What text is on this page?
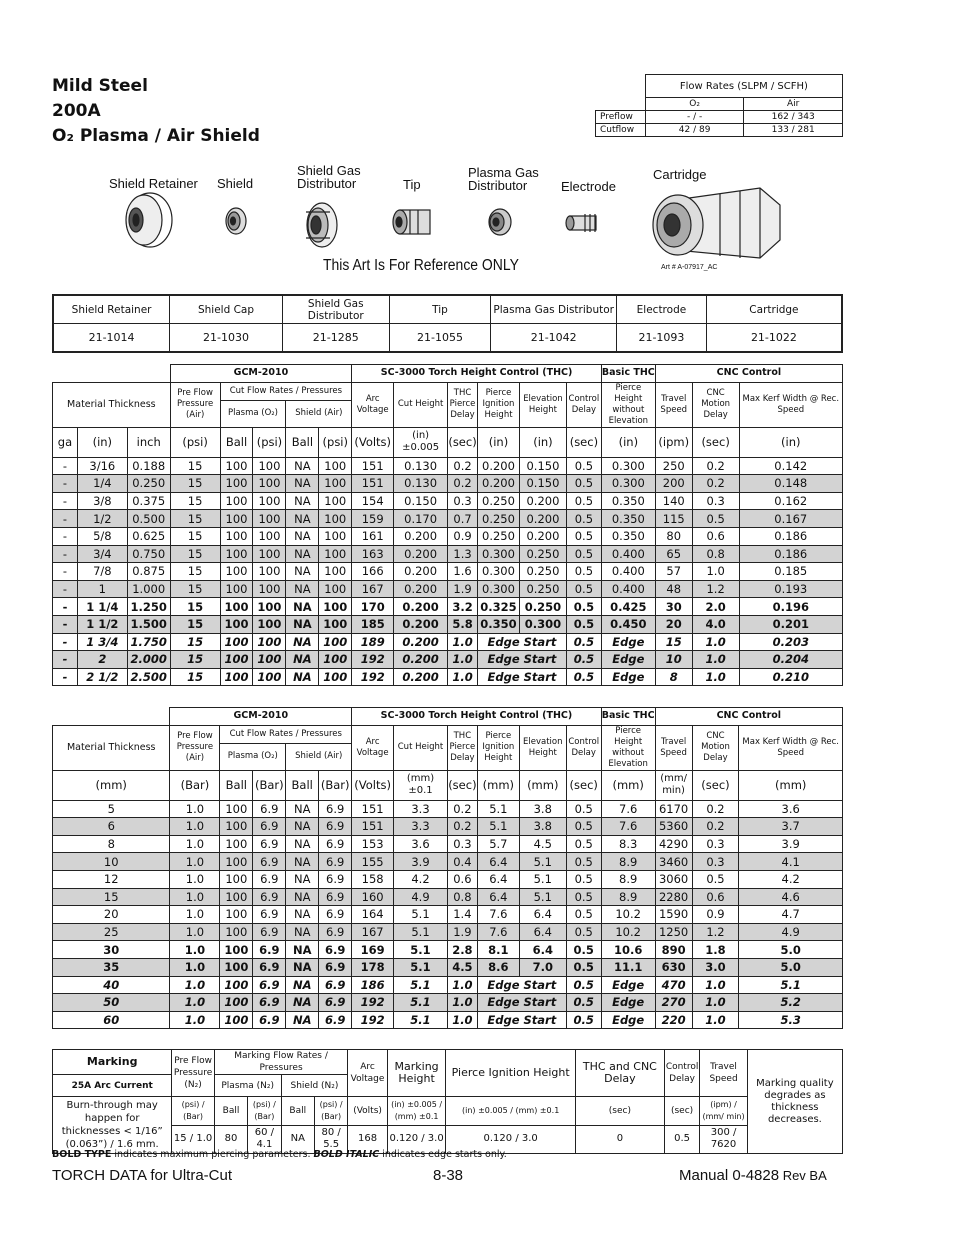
Mild Steel
200A
O₂ Plasma / Air Shield
	Flow Rates (SLPM / SCFH)	
	O₂	Air
Preflow	- / -	162 / 343
Cutflow	42 / 89	133 / 281
Shield Retainer Shield
Shield Gas
Distributor	Tip
Plasma Gas
Distributor	Electrode
Cartridge
This Art Is For Reference ONLY	Art # A-07917_AC
Shield Retainer	Shield Cap	Shield Gas Distributor	Tip	Plasma Gas Distributor	Electrode	Cartridge
21-1014	21-1030	21-1285	21-1055	21-1042	21-1093	21-1022
			GCM-2010					SC-3000 Torch Height Control (THC)						Basic THC	CNC Control		
Material Thickness			Pre Flow Pressure (Air)	Cut Flow Rates / Pressures				Arc Voltage	Cut Height	THC Pierce Delay	Pierce Ignition Height	Elevation Height	Control Delay	Pierce Height without Elevation	Travel Speed	CNC Motion Delay	Max Kerf Width @ Rec. Speed
				Plasma (O₂)		Shield (Air)											
ga	(in)	inch	(psi)	Ball	(psi)	Ball	(psi)	(Volts)	(in) ±0.005	(sec)	(in)	(in)	(sec)	(in)	(ipm)	(sec)	(in)
-	3/16	0.188	15	100	100	NA	100	151	0.130	0.2	0.200	0.150	0.5	0.300	250	0.2	0.142
-	1/4	0.250	15	100	100	NA	100	151	0.130	0.2	0.200	0.150	0.5	0.300	200	0.2	0.148
-	3/8	0.375	15	100	100	NA	100	154	0.150	0.3	0.250	0.200	0.5	0.350	140	0.3	0.162
-	1/2	0.500	15	100	100	NA	100	159	0.170	0.7	0.250	0.200	0.5	0.350	115	0.5	0.167
-	5/8	0.625	15	100	100	NA	100	161	0.200	0.9	0.250	0.200	0.5	0.350	80	0.6	0.186
-	3/4	0.750	15	100	100	NA	100	163	0.200	1.3	0.300	0.250	0.5	0.400	65	0.8	0.186
-	7/8	0.875	15	100	100	NA	100	166	0.200	1.6	0.300	0.250	0.5	0.400	57	1.0	0.185
-	1	1.000	15	100	100	NA	100	167	0.200	1.9	0.300	0.250	0.5	0.400	48	1.2	0.193
-	1 1/4	1.250	15	100	100	NA	100	170	0.200	3.2	0.325	0.250	0.5	0.425	30	2.0	0.196
-	1 1/2	1.500	15	100	100	NA	100	185	0.200	5.8	0.350	0.300	0.5	0.450	20	4.0	0.201
-	1 3/4	1.750	15	100	100	NA	100	189	0.200	1.0	Edge Start		0.5	Edge	15	1.0	0.203
-	2	2.000	15	100	100	NA	100	192	0.200	1.0	Edge Start		0.5	Edge	10	1.0	0.204
-	2 1/2	2.500	15	100	100	NA	100	192	0.200	1.0	Edge Start		0.5	Edge	8	1.0	0.210
	GCM-2010					SC-3000 Torch Height Control (THC)						Basic THC	CNC Control		
Material Thickness	Pre Flow Pressure (Air)	Cut Flow Rates / Pressures				Arc Voltage	Cut Height	THC Pierce Delay	Pierce Ignition Height	Elevation Height	Control Delay	Pierce Height without Elevation	Travel Speed	CNC Motion Delay	Max Kerf Width @ Rec. Speed
		Plasma (O₂)		Shield (Air)											
(mm)	(Bar)	Ball	(Bar)	Ball	(Bar)	(Volts)	(mm) ±0.1	(sec)	(mm)	(mm)	(sec)	(mm)	(mm/ min)	(sec)	(mm)
5	1.0	100	6.9	NA	6.9	151	3.3	0.2	5.1	3.8	0.5	7.6	6170	0.2	3.6
6	1.0	100	6.9	NA	6.9	151	3.3	0.2	5.1	3.8	0.5	7.6	5360	0.2	3.7
8	1.0	100	6.9	NA	6.9	153	3.6	0.3	5.7	4.5	0.5	8.3	4290	0.3	3.9
10	1.0	100	6.9	NA	6.9	155	3.9	0.4	6.4	5.1	0.5	8.9	3460	0.3	4.1
12	1.0	100	6.9	NA	6.9	158	4.2	0.6	6.4	5.1	0.5	8.9	3060	0.5	4.2
15	1.0	100	6.9	NA	6.9	160	4.9	0.8	6.4	5.1	0.5	8.9	2280	0.6	4.6
20	1.0	100	6.9	NA	6.9	164	5.1	1.4	7.6	6.4	0.5	10.2	1590	0.9	4.7
25	1.0	100	6.9	NA	6.9	167	5.1	1.9	7.6	6.4	0.5	10.2	1250	1.2	4.9
30	1.0	100	6.9	NA	6.9	169	5.1	2.8	8.1	6.4	0.5	10.6	890	1.8	5.0
35	1.0	100	6.9	NA	6.9	178	5.1	4.5	8.6	7.0	0.5	11.1	630	3.0	5.0
40	1.0	100	6.9	NA	6.9	186	5.1	1.0	Edge Start		0.5	Edge	470	1.0	5.1
50	1.0	100	6.9	NA	6.9	192	5.1	1.0	Edge Start		0.5	Edge	270	1.0	5.2
60	1.0	100	6.9	NA	6.9	192	5.1	1.0	Edge Start		0.5	Edge	220	1.0	5.3
Marking	Pre Flow Pressure (N₂)	Marking Flow Rates / Pressures				Arc Voltage	Marking Height	Pierce Ignition Height	THC and CNC Delay	Control Delay	Travel Speed	Marking quality degrades as thickness decreases.
25A Arc Current		Plasma (N₂)		Shield (N₂)								
Burn-through may happen for thicknesses < 1/16” (0.063”) / 1.6 mm.	(psi) / (Bar)	Ball	(psi) / (Bar)	Ball	(psi) / (Bar)	(Volts)	(in) ±0.005 / (mm) ±0.1	(in) ±0.005 / (mm) ±0.1	(sec)	(sec)	(ipm) / (mm/ min)	
	15 / 1.0	80	60 / 4.1	NA	80 / 5.5	168	0.120 / 3.0	0.120 / 3.0	0	0.5	300 / 7620	
BOLD TYPE indicates maximum piercing parameters. BOLD ITALIC indicates edge starts only.
TORCH DATA for Ultra-Cut	8-38	Manual 0-4828 Rev BA
